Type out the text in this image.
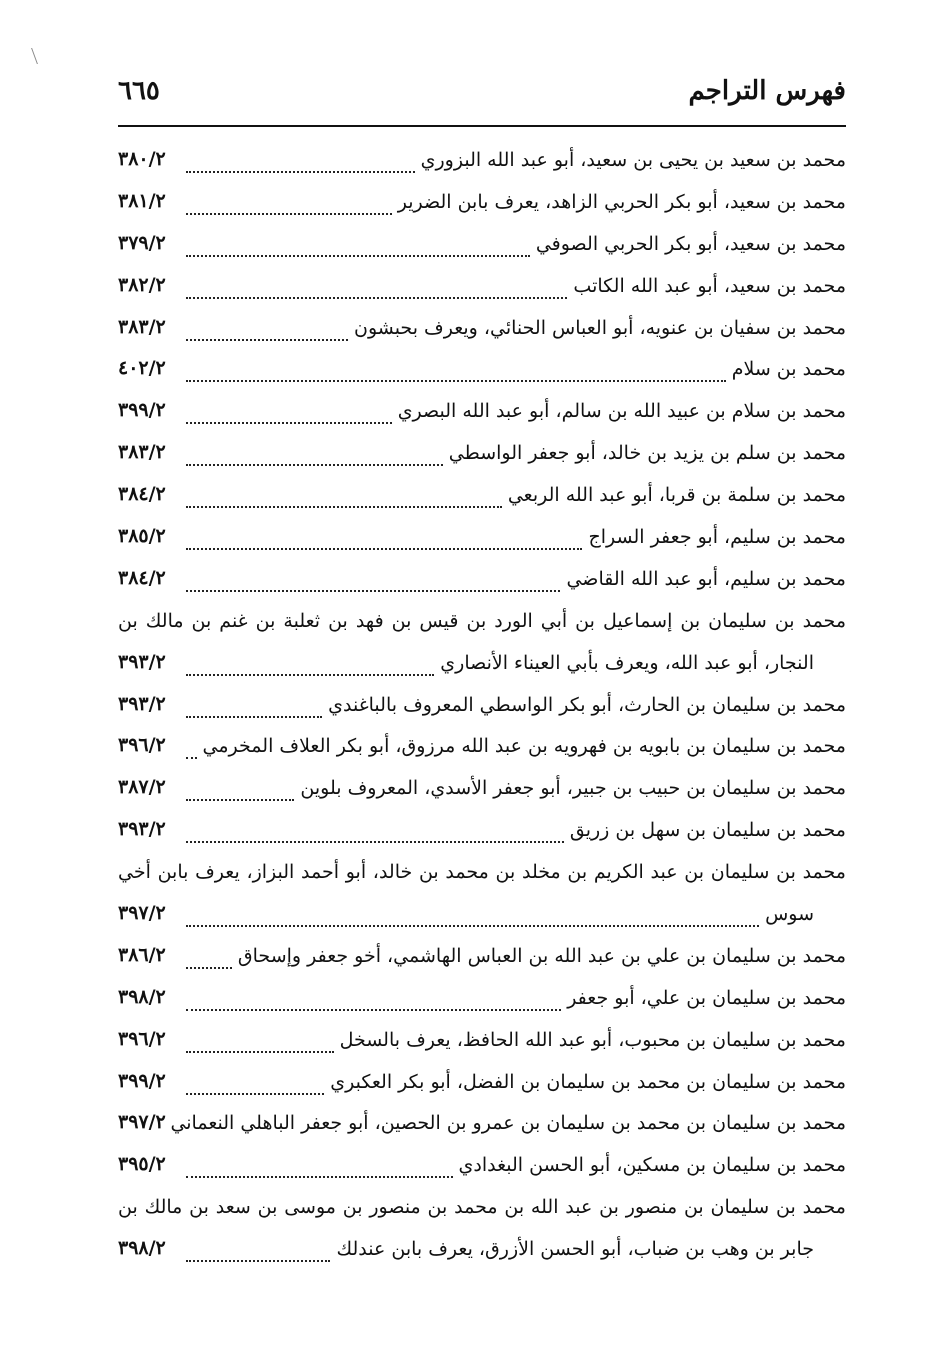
فهرس التراجم
٦٦٥
محمد بن سعيد بن يحيى بن سعيد، أبو عبد الله البزوري
٣٨٠/٢
محمد بن سعيد، أبو بكر الحربي الزاهد، يعرف بابن الضرير
٣٨١/٢
محمد بن سعيد، أبو بكر الحربي الصوفي
٣٧٩/٢
محمد بن سعيد، أبو عبد الله الكاتب
٣٨٢/٢
محمد بن سفيان بن عنويه، أبو العباس الحنائي، ويعرف بحبشون
٣٨٣/٢
محمد بن سلام
٤٠٢/٢
محمد بن سلام بن عبيد الله بن سالم، أبو عبد الله البصري
٣٩٩/٢
محمد بن سلم بن يزيد بن خالد، أبو جعفر الواسطي
٣٨٣/٢
محمد بن سلمة بن قربا، أبو عبد الله الربعي
٣٨٤/٢
محمد بن سليم، أبو جعفر السراج
٣٨٥/٢
محمد بن سليم، أبو عبد الله القاضي
٣٨٤/٢
محمد بن سليمان بن إسماعيل بن أبي الورد بن قيس بن فهد بن ثعلبة بن غنم بن مالك بن
النجار، أبو عبد الله، ويعرف بأبي العيناء الأنصاري
٣٩٣/٢
محمد بن سليمان بن الحارث، أبو بكر الواسطي المعروف بالباغندي
٣٩٣/٢
محمد بن سليمان بن بابويه بن فهرويه بن عبد الله مرزوق، أبو بكر العلاف المخرمي
٣٩٦/٢
محمد بن سليمان بن حبيب بن جبير، أبو جعفر الأسدي، المعروف بلوين
٣٨٧/٢
محمد بن سليمان بن سهل بن زريق
٣٩٣/٢
محمد بن سليمان بن عبد الكريم بن مخلد بن محمد بن خالد، أبو أحمد البزاز، يعرف بابن أخي
سوس
٣٩٧/٢
محمد بن سليمان بن علي بن عبد الله بن العباس الهاشمي، أخو جعفر وإسحاق
٣٨٦/٢
محمد بن سليمان بن علي، أبو جعفر
٣٩٨/٢
محمد بن سليمان بن محبوب، أبو عبد الله الحافظ، يعرف بالسخل
٣٩٦/٢
محمد بن سليمان بن محمد بن سليمان بن الفضل، أبو بكر العكبري
٣٩٩/٢
محمد بن سليمان بن محمد بن سليمان بن عمرو بن الحصين، أبو جعفر الباهلي النعماني
٣٩٧/٢
محمد بن سليمان بن مسكين، أبو الحسن البغدادي
٣٩٥/٢
محمد بن سليمان بن منصور بن عبد الله بن محمد بن منصور بن موسى بن سعد بن مالك بن
جابر بن وهب بن ضباب، أبو الحسن الأزرق، يعرف بابن عندلك
٣٩٨/٢
